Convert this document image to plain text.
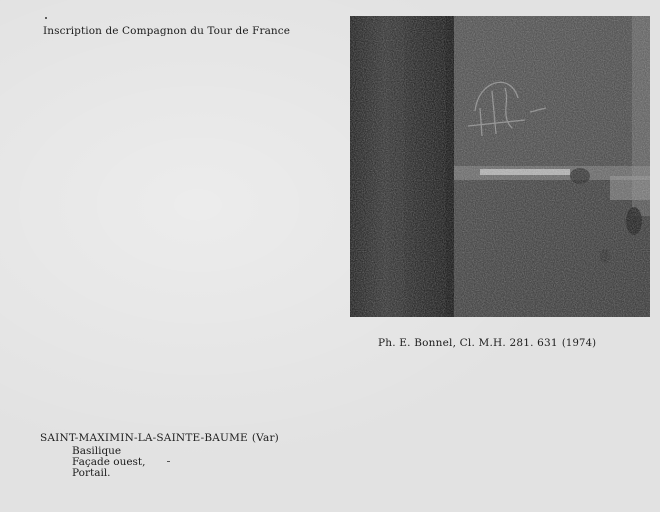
Inscription de Compagnon du Tour de France
Ph. E. Bonnel, Cl. M.H. 281. 631 (1974)
SAINT-MAXIMIN-LA-SAINTE-BAUME (Var)
Basilique
Façade ouest,
Portail.
